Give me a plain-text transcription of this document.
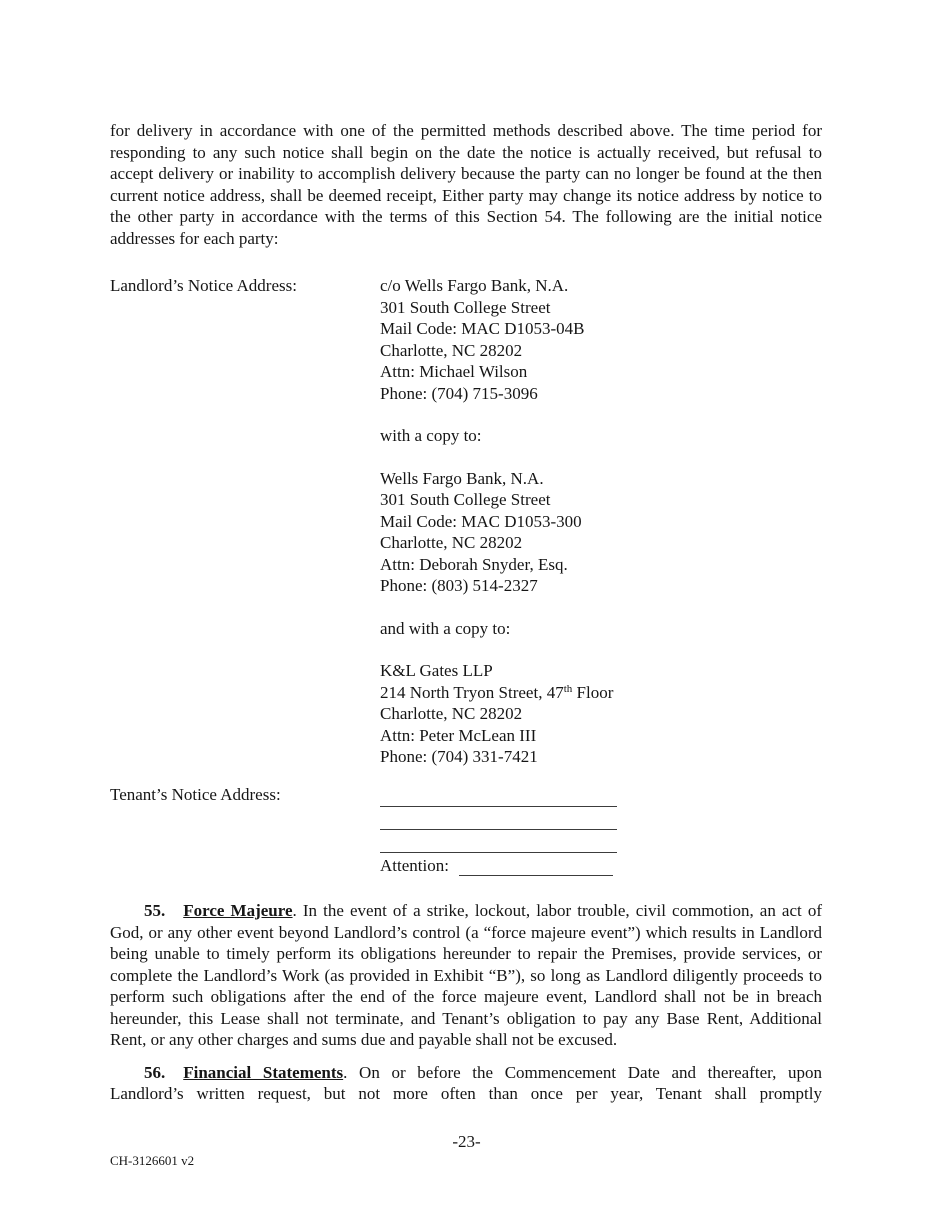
for delivery in accordance with one of the permitted methods described above. The time period for responding to any such notice shall begin on the date the notice is actually received, but refusal to accept delivery or inability to accomplish delivery because the party can no longer be found at the then current notice address, shall be deemed receipt, Either party may change its notice address by notice to the other party in accordance with the terms of this Section 54. The following are the initial notice addresses for each party:

Landlord’s Notice Address:	c/o Wells Fargo Bank, N.A.
301 South College Street
Mail Code: MAC D1053-04B
Charlotte, NC 28202
Attn: Michael Wilson
Phone: (704) 715-3096
with a copy to:
Wells Fargo Bank, N.A.
301 South College Street
Mail Code: MAC D1053-300
Charlotte, NC 28202
Attn: Deborah Snyder, Esq.
Phone: (803) 514-2327
and with a copy to:
K&L Gates LLP
214 North Tryon Street, 47th Floor
Charlotte, NC 28202
Attn: Peter McLean III
Phone: (704) 331-7421
Tenant’s Notice Address:
Attention:

55. Force Majeure. In the event of a strike, lockout, labor trouble, civil commotion, an act of God, or any other event beyond Landlord’s control (a “force majeure event”) which results in Landlord being unable to timely perform its obligations hereunder to repair the Premises, provide services, or complete the Landlord’s Work (as provided in Exhibit “B”), so long as Landlord diligently proceeds to perform such obligations after the end of the force majeure event, Landlord shall not be in breach hereunder, this Lease shall not terminate, and Tenant’s obligation to pay any Base Rent, Additional Rent, or any other charges and sums due and payable shall not be excused.

56. Financial Statements. On or before the Commencement Date and thereafter, upon Landlord’s written request, but not more often than once per year, Tenant shall promptly

-23-
CH-3126601 v2
